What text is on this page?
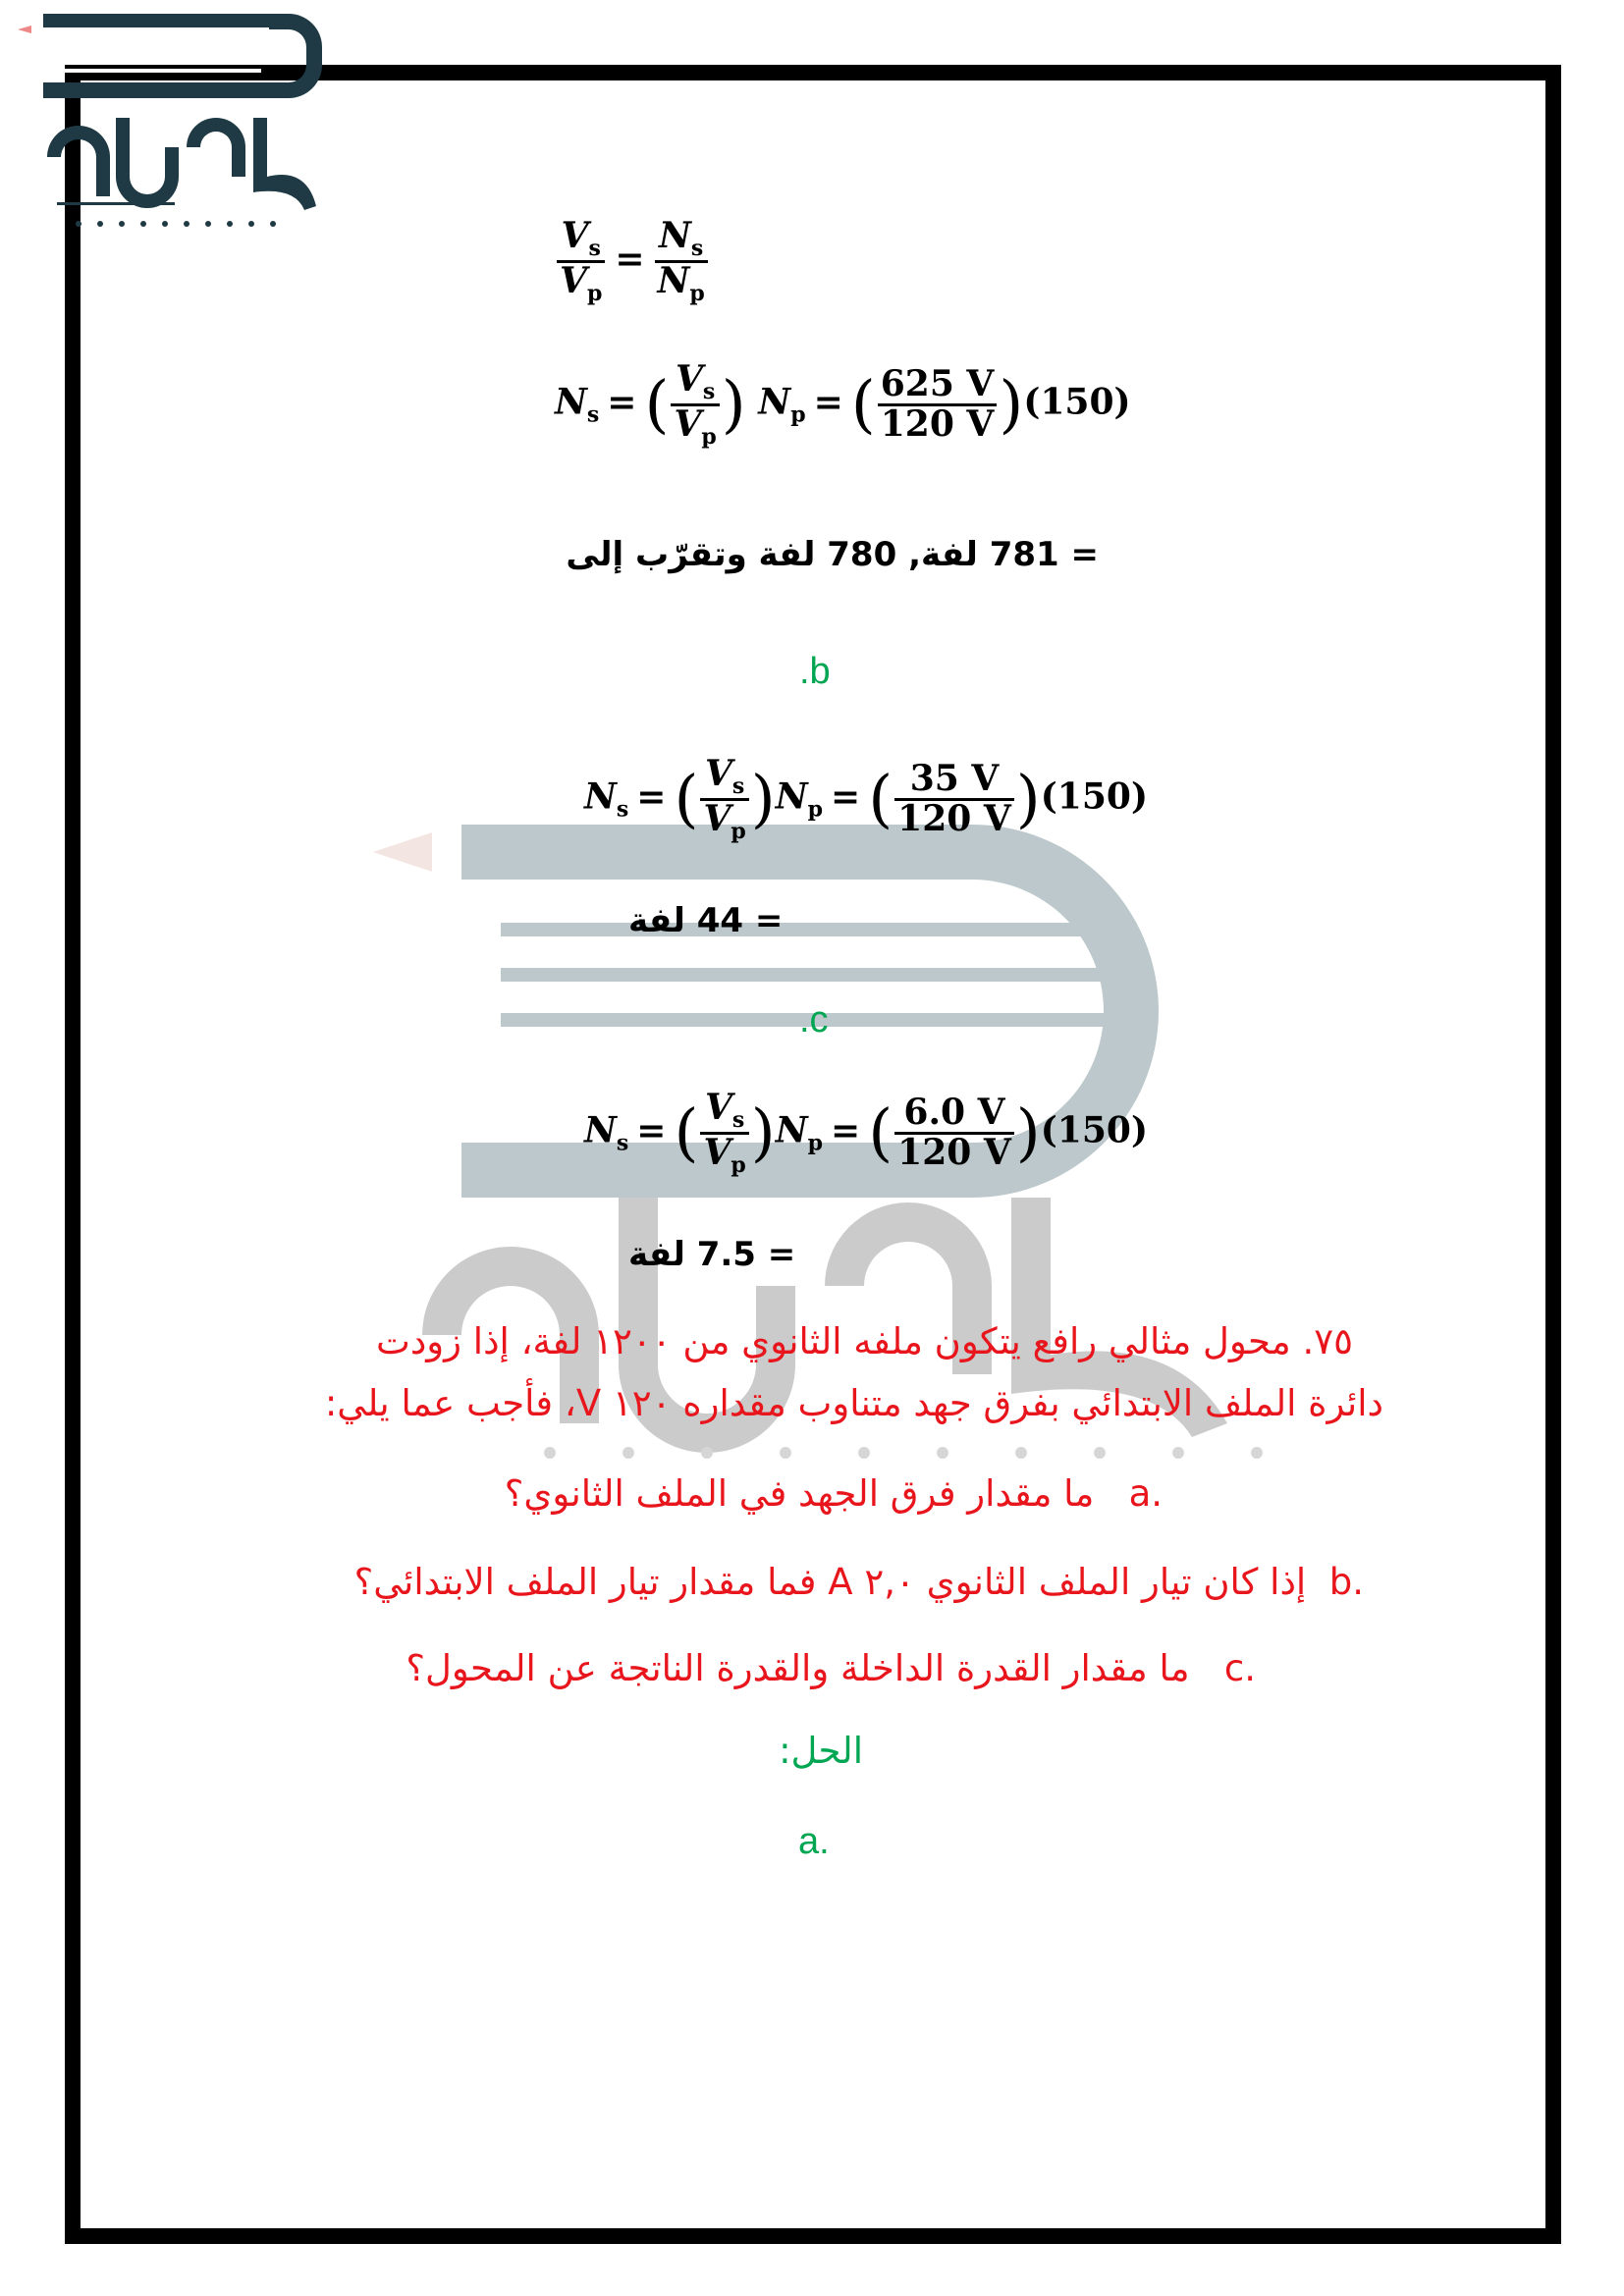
$\frac{V_s}{V_p} = \frac{N_s}{N_p}$
$N_s$ = ( $\frac{V_s}{V_p}$ ) $N_p$ = ( $\frac{625 V}{120 V} )(150)$
= 781 لفة, 780 لفة وتقرّب إلى
.b
$N_s$ = ( $\frac{V_s}{V_p} )N_p$ = ( $\frac{35 V}{120 V} )(150)$
= 44 لفة
.c
$N_s$ = ( $\frac{V_s}{V_p} )N_p$ = ( $\frac{6.0 V}{120 V} )(150)$
= 7.5 لفة
٧٥. محول مثالي رافع يتكون ملفه الثانوي من ١٢٠٠ لفة، إذا زودت
دائرة الملف الابتدائي بفرق جهد متناوب مقداره ١٢٠ V، فأجب عما يلي:
a.   ما مقدار فرق الجهد في الملف الثانوي؟
b.  إذا كان تيار الملف الثانوي ٢,٠ A فما مقدار تيار الملف الابتدائي؟
c.   ما مقدار القدرة الداخلة والقدرة الناتجة عن المحول؟
الحل:
a.
